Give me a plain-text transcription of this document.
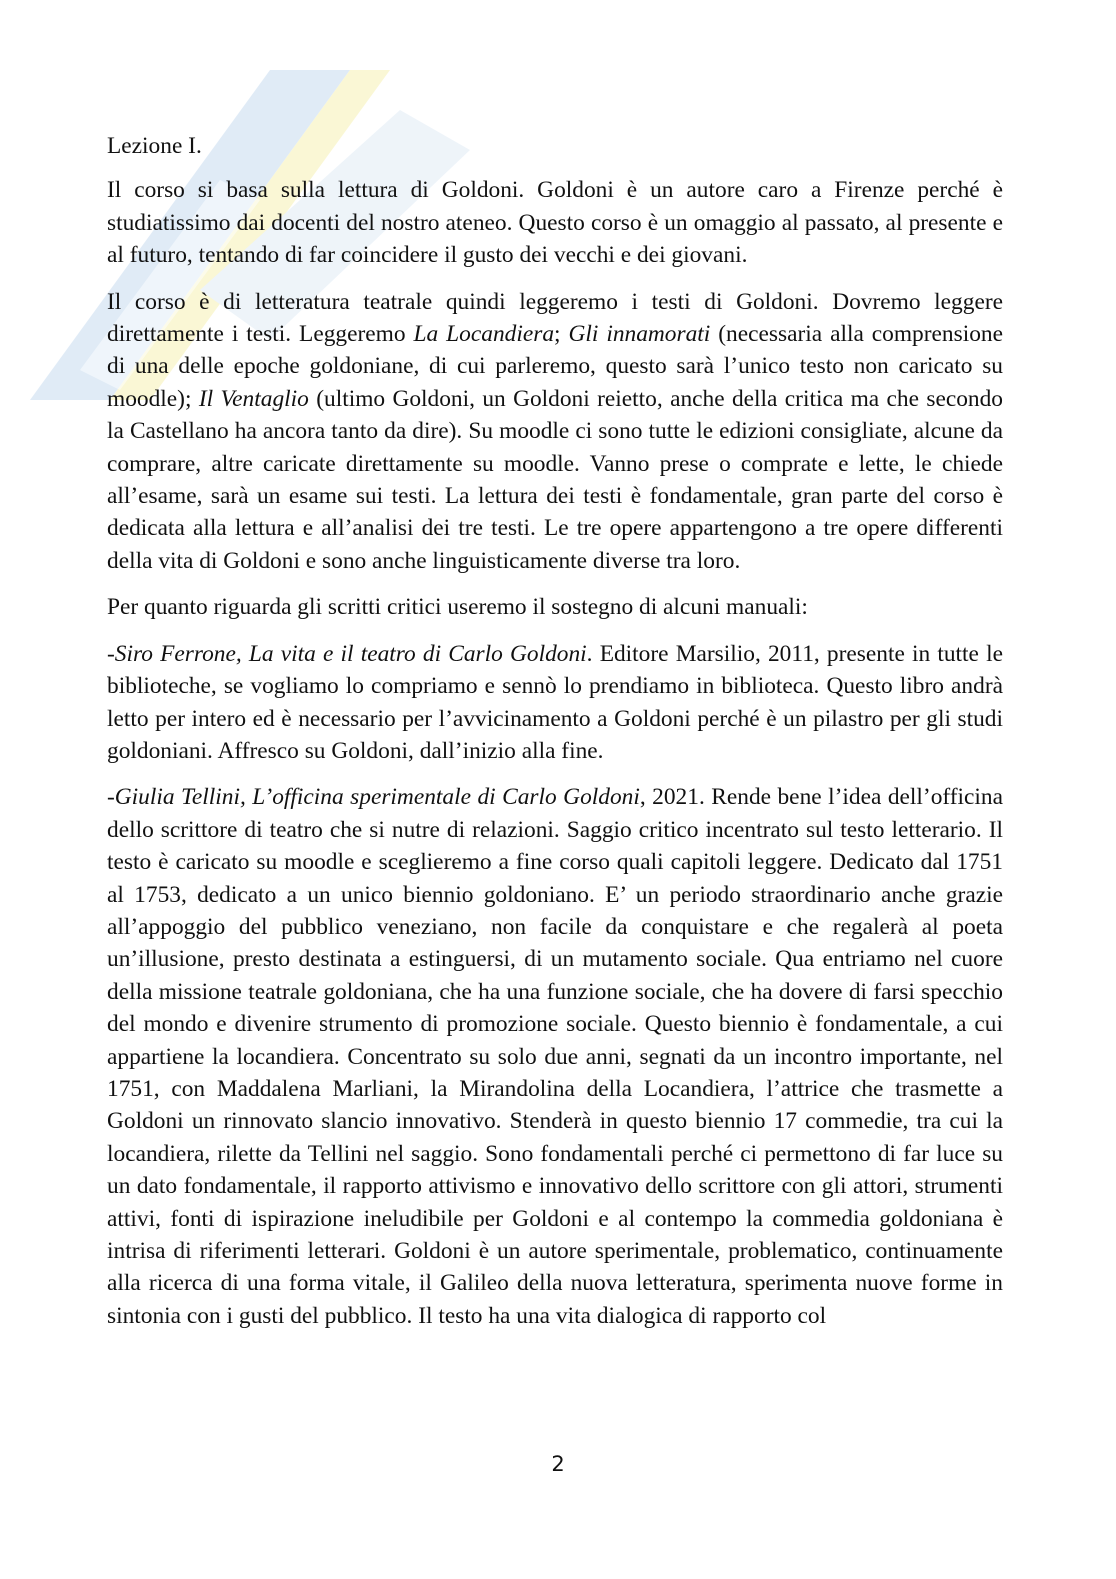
Lezione I.

Il corso si basa sulla lettura di Goldoni. Goldoni è un autore caro a Firenze perché è studiatissimo dai docenti del nostro ateneo. Questo corso è un omaggio al passato, al presente e al futuro, tentando di far coincidere il gusto dei vecchi e dei giovani.

Il corso è di letteratura teatrale quindi leggeremo i testi di Goldoni. Dovremo leggere direttamente i testi. Leggeremo La Locandiera; Gli innamorati (necessaria alla comprensione di una delle epoche goldoniane, di cui parleremo, questo sarà l’unico testo non caricato su moodle); Il Ventaglio (ultimo Goldoni, un Goldoni reietto, anche della critica ma che secondo la Castellano ha ancora tanto da dire). Su moodle ci sono tutte le edizioni consigliate, alcune da comprare, altre caricate direttamente su moodle. Vanno prese o comprate e lette, le chiede all’esame, sarà un esame sui testi. La lettura dei testi è fondamentale, gran parte del corso è dedicata alla lettura e all’analisi dei tre testi. Le tre opere appartengono a tre opere differenti della vita di Goldoni e sono anche linguisticamente diverse tra loro.

Per quanto riguarda gli scritti critici useremo il sostegno di alcuni manuali:

-Siro Ferrone, La vita e il teatro di Carlo Goldoni. Editore Marsilio, 2011, presente in tutte le biblioteche, se vogliamo lo compriamo e sennò lo prendiamo in biblioteca. Questo libro andrà letto per intero ed è necessario per l’avvicinamento a Goldoni perché è un pilastro per gli studi goldoniani. Affresco su Goldoni, dall’inizio alla fine.

-Giulia Tellini, L’officina sperimentale di Carlo Goldoni, 2021. Rende bene l’idea dell’officina dello scrittore di teatro che si nutre di relazioni. Saggio critico incentrato sul testo letterario. Il testo è caricato su moodle e sceglieremo a fine corso quali capitoli leggere. Dedicato dal 1751 al 1753, dedicato a un unico biennio goldoniano. E’ un periodo straordinario anche grazie all’appoggio del pubblico veneziano, non facile da conquistare e che regalerà al poeta un’illusione, presto destinata a estinguersi, di un mutamento sociale. Qua entriamo nel cuore della missione teatrale goldoniana, che ha una funzione sociale, che ha dovere di farsi specchio del mondo e divenire strumento di promozione sociale. Questo biennio è fondamentale, a cui appartiene la locandiera. Concentrato su solo due anni, segnati da un incontro importante, nel 1751, con Maddalena Marliani, la Mirandolina della Locandiera, l’attrice che trasmette a Goldoni un rinnovato slancio innovativo. Stenderà in questo biennio 17 commedie, tra cui la locandiera, rilette da Tellini nel saggio. Sono fondamentali perché ci permettono di far luce su un dato fondamentale, il rapporto attivismo e innovativo dello scrittore con gli attori, strumenti attivi, fonti di ispirazione ineludibile per Goldoni e al contempo la commedia goldoniana è intrisa di riferimenti letterari. Goldoni è un autore sperimentale, problematico, continuamente alla ricerca di una forma vitale, il Galileo della nuova letteratura, sperimenta nuove forme in sintonia con i gusti del pubblico. Il testo ha una vita dialogica di rapporto col

2
